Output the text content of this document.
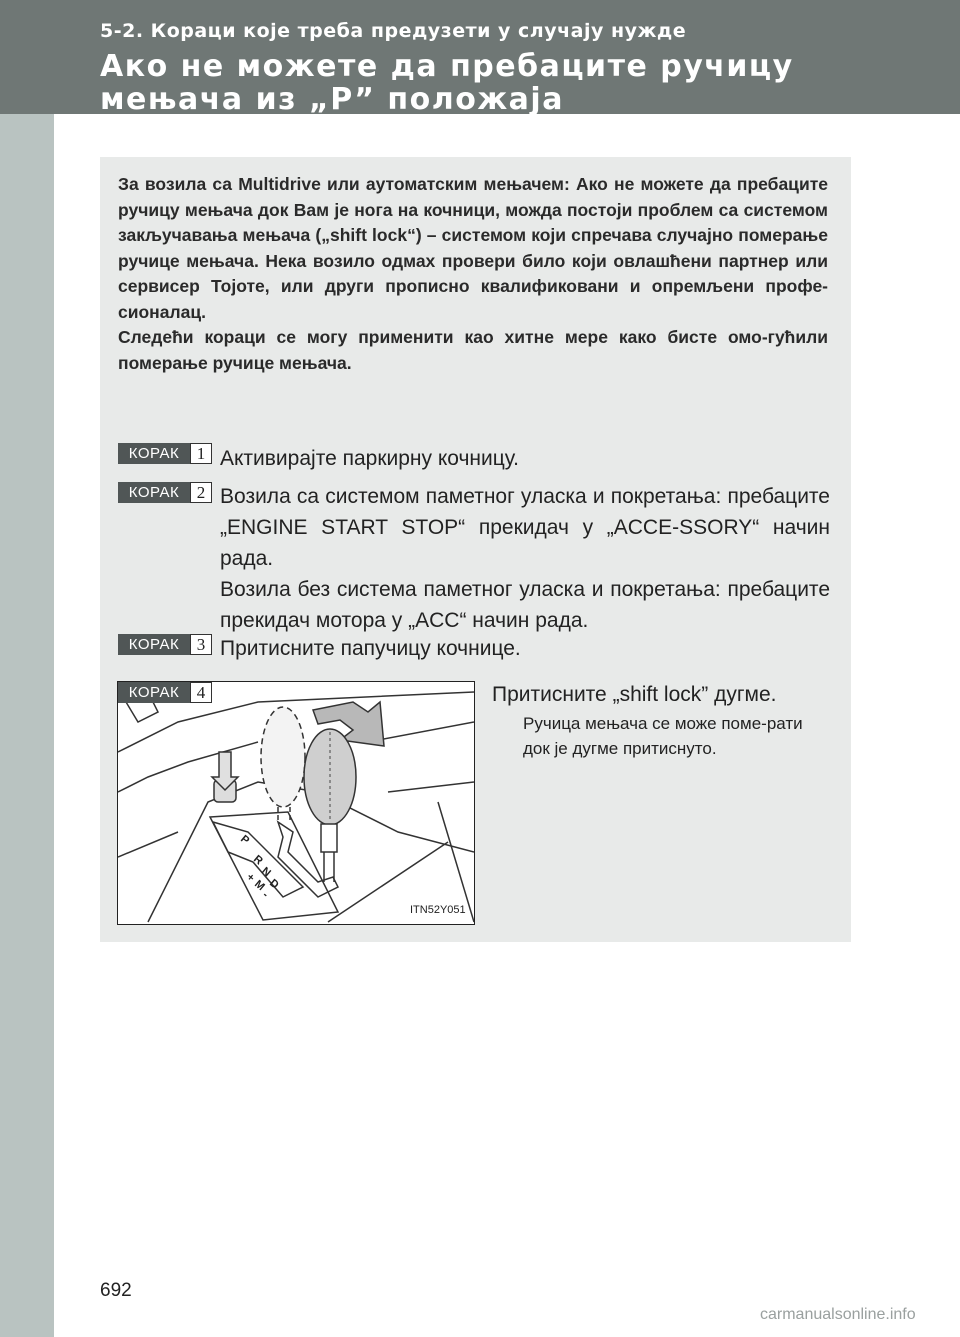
5-2. Кораци које треба предузети у случају нужде
Ако не можете да пребаците ручицу мењача из „P” положаја

За возила са Multidrive или аутоматским мењачем: Ако не можете да пребаците ручицу мењача док Вам је нога на кочници, можда постоји проблем са системом закључавања мењача („shift lock“) – системом који спречава случајно померање ручице мењача. Нека возило одмах провери било који овлашћени партнер или сервисер Тојоте, или други прописно квалификовани и опремљени профе-сионалац.

Следећи кораци се могу применити као хитне мере како бисте омо-гућили померање ручице мењача.

КОРАК	1 Активирајте паркирну кочницу.

КОРАК	2 Возила са системом паметног уласка и покретања: пребаците „ENGINE START STOP“ прекидач у „ACCE-SSORY“ начин рада.

Возила без система паметног уласка и покретања: пребаците прекидач мотора у „ACC“ начин рада.

КОРАК	3 Притисните папучицу кочнице.

P
R
N
D
M
+
-
ITN52Y051
КОРАК	4	Притисните „shift lock” дугме.
Ручица мењача се може поме-рати док је дугме притиснуто.
692
carmanualsonline.info
